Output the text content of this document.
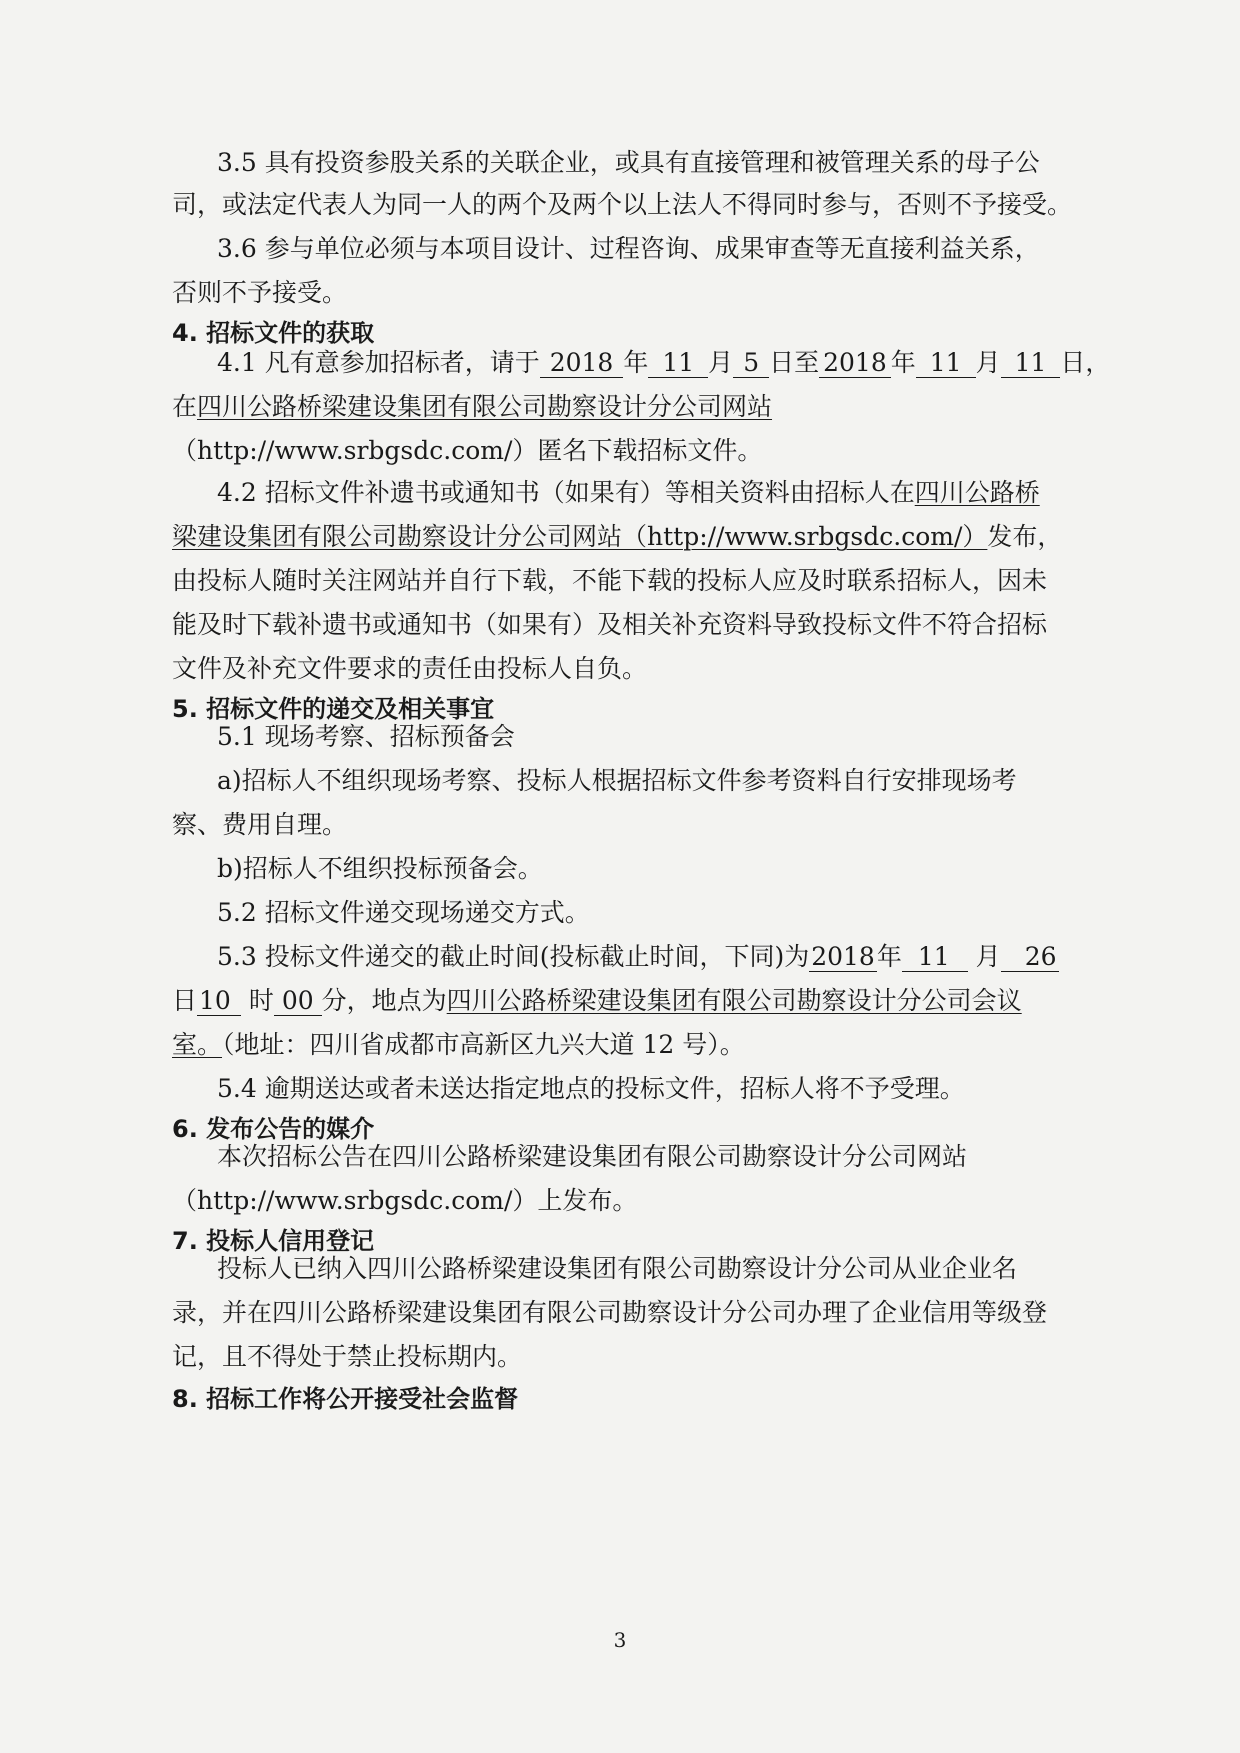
3.5 具有投资参股关系的关联企业，或具有直接管理和被管理关系的母子公
司，或法定代表人为同一人的两个及两个以上法人不得同时参与，否则不予接受。
3.6 参与单位必须与本项目设计、过程咨询、成果审查等无直接利益关系，
否则不予接受。
4. 招标文件的获取
4.1 凡有意参加招标者，请于 2018 年 11 月 5 日至 2018 年 11 月 11 日，
在四川公路桥梁建设集团有限公司勘察设计分公司网站
（http://www.srbgsdc.com/）匿名下载招标文件。
4.2 招标文件补遗书或通知书（如果有）等相关资料由招标人在四川公路桥
梁建设集团有限公司勘察设计分公司网站（http://www.srbgsdc.com/）发布，
由投标人随时关注网站并自行下载，不能下载的投标人应及时联系招标人，因未
能及时下载补遗书或通知书（如果有）及相关补充资料导致投标文件不符合招标
文件及补充文件要求的责任由投标人自负。
5. 招标文件的递交及相关事宜
5.1 现场考察、招标预备会
a)招标人不组织现场考察、投标人根据招标文件参考资料自行安排现场考
察、费用自理。
b)招标人不组织投标预备会。
5.2 招标文件递交现场递交方式。
5.3 投标文件递交的截止时间(投标截止时间，下同)为2018年 11 月 26
日10 时 00 分，地点为四川公路桥梁建设集团有限公司勘察设计分公司会议
室。（地址：四川省成都市高新区九兴大道 12 号）。
5.4 逾期送达或者未送达指定地点的投标文件，招标人将不予受理。
6. 发布公告的媒介
本次招标公告在四川公路桥梁建设集团有限公司勘察设计分公司网站
（http://www.srbgsdc.com/）上发布。
7. 投标人信用登记
投标人已纳入四川公路桥梁建设集团有限公司勘察设计分公司从业企业名
录，并在四川公路桥梁建设集团有限公司勘察设计分公司办理了企业信用等级登
记，且不得处于禁止投标期内。
8. 招标工作将公开接受社会监督
3
